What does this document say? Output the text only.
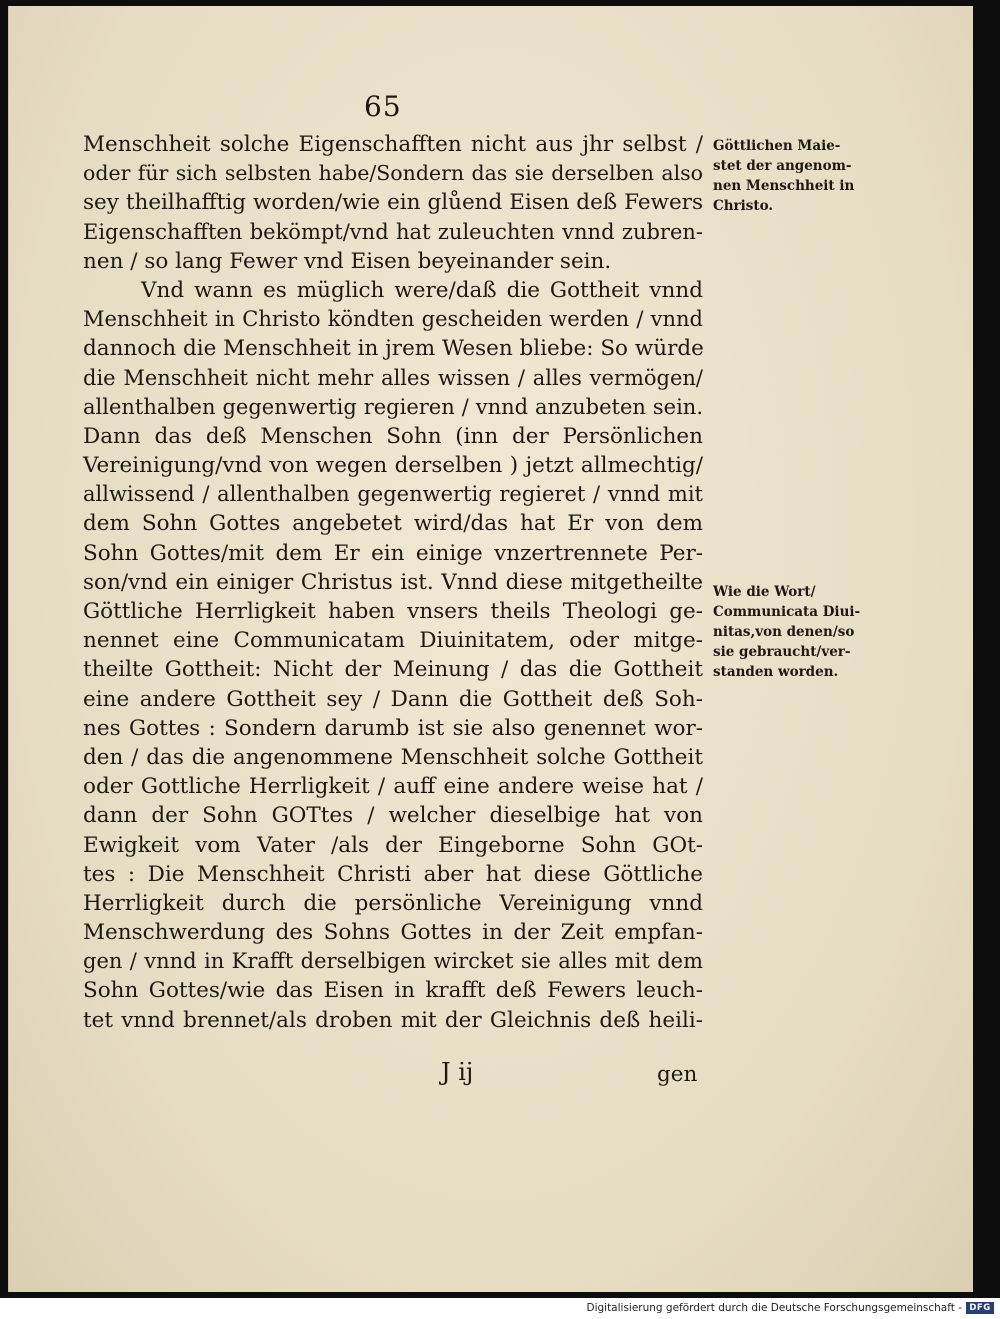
65
Menschheit solche Eigenschafften nicht aus jhr selbst /
oder für sich selbsten habe/Sondern das sie derselben also
sey theilhafftig worden/wie ein glůend Eisen deß Fewers
Eigenschafften bekömpt/vnd hat zuleuchten vnnd zubren-
nen / so lang Fewer vnd Eisen beyeinander sein.
Vnd wann es müglich were/daß die Gottheit vnnd
Menschheit in Christo köndten gescheiden werden / vnnd
dannoch die Menschheit in jrem Wesen bliebe: So würde
die Menschheit nicht mehr alles wissen / alles vermögen/
allenthalben gegenwertig regieren / vnnd anzubeten sein.
Dann das deß Menschen Sohn (inn der Persönlichen
Vereinigung/vnd von wegen derselben ) jetzt allmechtig/
allwissend / allenthalben gegenwertig regieret / vnnd mit
dem Sohn Gottes angebetet wird/das hat Er von dem
Sohn Gottes/mit dem Er ein einige vnzertrennete Per-
son/vnd ein einiger Christus ist. Vnnd diese mitgetheilte
Göttliche Herrligkeit haben vnsers theils Theologi ge-
nennet eine Communicatam Diuinitatem, oder mitge-
theilte Gottheit: Nicht der Meinung / das die Gottheit
eine andere Gottheit sey / Dann die Gottheit deß Soh-
nes Gottes : Sondern darumb ist sie also genennet wor-
den / das die angenommene Menschheit solche Gottheit
oder Gottliche Herrligkeit / auff eine andere weise hat /
dann der Sohn GOTtes / welcher dieselbige hat von
Ewigkeit vom Vater /als der Eingeborne Sohn GOt-
tes : Die Menschheit Christi aber hat diese Göttliche
Herrligkeit durch die persönliche Vereinigung vnnd
Menschwerdung des Sohns Gottes in der Zeit empfan-
gen / vnnd in Krafft derselbigen wircket sie alles mit dem
Sohn Gottes/wie das Eisen in krafft deß Fewers leuch-
tet vnnd brennet/als droben mit der Gleichnis deß heili-
Göttlichen Maie-
stet der angenom-
nen Menschheit in
Christo.
Wie die Wort/
Communicata Diui-
nitas,von denen/so
sie gebraucht/ver-
standen worden.
J ij	gen
Digitalisierung gefördert durch die Deutsche Forschungsgemeinschaft - DFG
